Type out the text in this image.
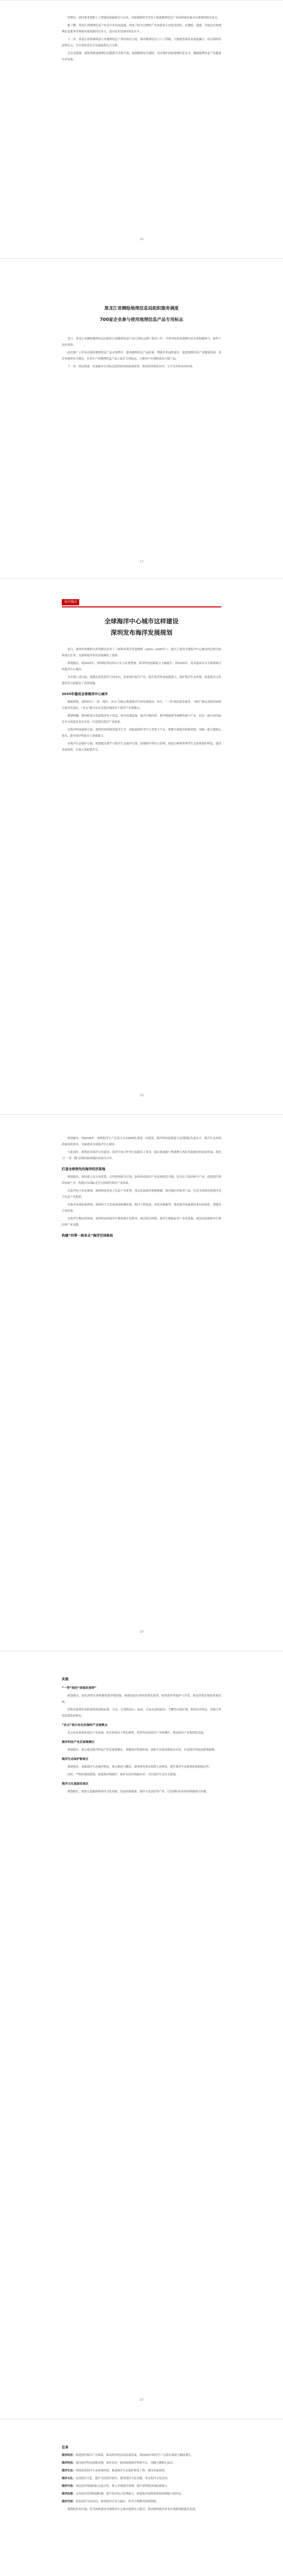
管理局。同时要求按照人工智能的基础研究与应用，对加强新时代背景下推进地理信息产业高质量发展具有重要的指导意义。

据了解，黑龙江省地理信息产业近年来发展迅速，形成了较为完整的产业体系和专业技术团队，在测绘、遥感、导航定位和地理信息服务等领域具备较强的竞争力，部分技术居国内领先水平。

下一步，黑龙江省将继续加大对地理信息产业的扶持力度，推动地理信息与人工智能、大数据等新技术深度融合，培育新的经济增长点，为全省经济社会发展提供有力支撑。

会议还强调，要统筹推进地理信息数据共享和开放，加强数据安全保障，切实维护国家地理信息安全，确保地理信息产业健康有序发展。

16
黑龙江省测绘地理信息局组织服务调度
700家企业参与使用地理信息产品专用标志

近日，黑龙江省测绘地理信息局组织开展地理信息产品专用标志推广使用工作，全省700余家地理信息企业积极参与，取得了良好成效。

此次推广工作旨在规范地理信息产品市场秩序，提高地理信息产品质量，增强企业品牌意识，促进地理信息产业健康发展。各企业按照有关规定，在其生产的地理信息产品上标注专用标志，方便用户识别和选用合格产品。

下一步，该局将进一步加强对专用标志使用情况的监督检查，推动形成规范有序、公平竞争的市场环境。

17
海洋强国
全球海洋中心城市这样建设
深圳发布海洋发展规划

近日，深圳市规划和自然资源局发布了《深圳市海洋发展规划（2023—2035年）》，提出了建设全球海洋中心城市的总体目标和重点任务，为深圳海洋事业发展描绘了蓝图。

规划提出，到2025年，深圳海洋经济综合实力显著增强，海洋科技创新能力大幅提升；到2035年，基本建成具有全球影响力的海洋中心城市。

为实现上述目标，规划从优化海洋空间布局、发展现代海洋产业、提升海洋科技创新能力、保护海洋生态环境、推进海洋文化建设等方面提出了具体措施。

2035年建成全球海洋中心城市

根据规划，深圳将以“一带、两区、多点”为核心构建海洋空间发展格局。其中，“一带”指沿海发展带，“两区”指东部和西部两大海洋发展区，“多点”指分布在沿海区域的若干海洋产业集聚点。

规划明确，深圳将重点发展海洋电子信息、海洋高端装备、海洋生物医药、海洋新能源等战略性新兴产业，培育一批具有国际竞争力的海洋龙头企业，打造现代海洋产业体系。

在海洋科技创新方面，深圳将加快建设海洋大学、国家深海科考中心等重大平台，集聚全球海洋创新资源，突破一批关键核心技术，提升海洋科技自主创新能力。

在海洋生态保护方面，规划提出要严守海洋生态保护红线，加强海岸带综合治理，推进红树林等典型生态系统保护修复，建设美丽海湾，实现人海和谐共生。

18

规划提出，到2035年，深圳海洋生产总值占全市GDP比重进一步提高，海洋科技创新能力达到国际先进水平，海洋生态环境质量持续改善，全面建成全球海洋中心城市。

与此同时，规划还对海洋文化建设、海洋开放合作等方面提出了要求，提出要加强与粤港澳大湾区其他城市的协同发展，深化与“一带一路”沿线国家和地区的海洋合作。

打造全球领先的海洋经济高地

规划提出，深圳要立足自身优势，以科技创新为引领，加快推动海洋产业结构优化升级，培育壮大海洋新兴产业，改造提升海洋传统产业，构建具有国际竞争力的现代海洋产业体系。

在海洋电子信息领域，深圳将依托电子信息产业优势，重点发展海洋观测探测、海洋通信导航等产品，打造全国领先的海洋电子信息产业集群。

在海洋高端装备领域，深圳将大力发展深海探测装备、海洋工程装备、高技术船舶等，推动海洋装备制造业向高端化、智能化方向发展。

在海洋生物医药领域，深圳将加快海洋生物资源开发利用，推动海洋药物、海洋生物制品等产业化发展，建设国家级海洋生物医药产业基地。

构建“四带一核多点”海洋空间格局
19
实施
“一带”指的“滨海发展带”

规划提出，依托深圳东西两翼的海岸线资源，构建连接东西的滨海发展带，统筹海岸带保护与开发，推动滨海区域高质量发展。

滨海发展带将串联深圳西部的前海、宝安，中部的南山、福田，以及东部的盐田、大鹏等沿海区域，形成各具特色、功能互补的滨海发展格局。

“多点”指分布在沿海的产业集聚点

多点布局将依托现有产业基础，培育形成若干特色鲜明、优势突出的海洋产业集聚区，推动海洋产业集群化发展。

海洋科技产业发展集聚区

规划提出，重点建设海洋科技产业发展集聚区，集聚海洋科研机构、创新平台和高新技术企业，打造海洋科技创新策源地。

海洋生态保护修复区

规划要求，加强海洋生态保护修复，重点推进大鹏湾、深圳湾等重点海湾生态修复，提升海洋生态系统质量和稳定性。

同时，严格控制围填海，加强海岸线保护，维护自然岸线保有率，守住海洋生态安全底线。

海洋文化旅游发展区

规划提出，要深入挖掘深圳海洋文化资源，发展滨海旅游、海洋文化创意等产业，打造国际知名的滨海旅游目的地。

20
任务

海洋经济：构建现代海洋产业体系，推动海洋经济高质量发展，到2035年海洋生产总值实现较大幅度增长。

海洋科技：建设海洋科技创新高地，加快布局一批国家级海洋科研平台，突破关键核心技术。

海洋生态：持续改善海洋生态环境质量，推进海洋生态保护修复工程，建设美丽海湾。

海洋文化：弘扬海洋文化，提升全民海洋意识，建设海洋文化设施，举办海洋文化活动。

海洋开放：深化海洋领域国际交流合作，参与全球海洋治理，提升深圳海洋国际影响力。

海洋治理：完善海洋管理体制机制，提升海洋综合管理能力，推进海洋治理体系和治理能力现代化。

海洋空间：优化海洋空间布局，统筹海洋开发与保护，科学合理利用海域资源。

规划的发布实施，将为深圳建设全球海洋中心城市提供有力指引，推动深圳海洋事业实现新的跨越式发展。
